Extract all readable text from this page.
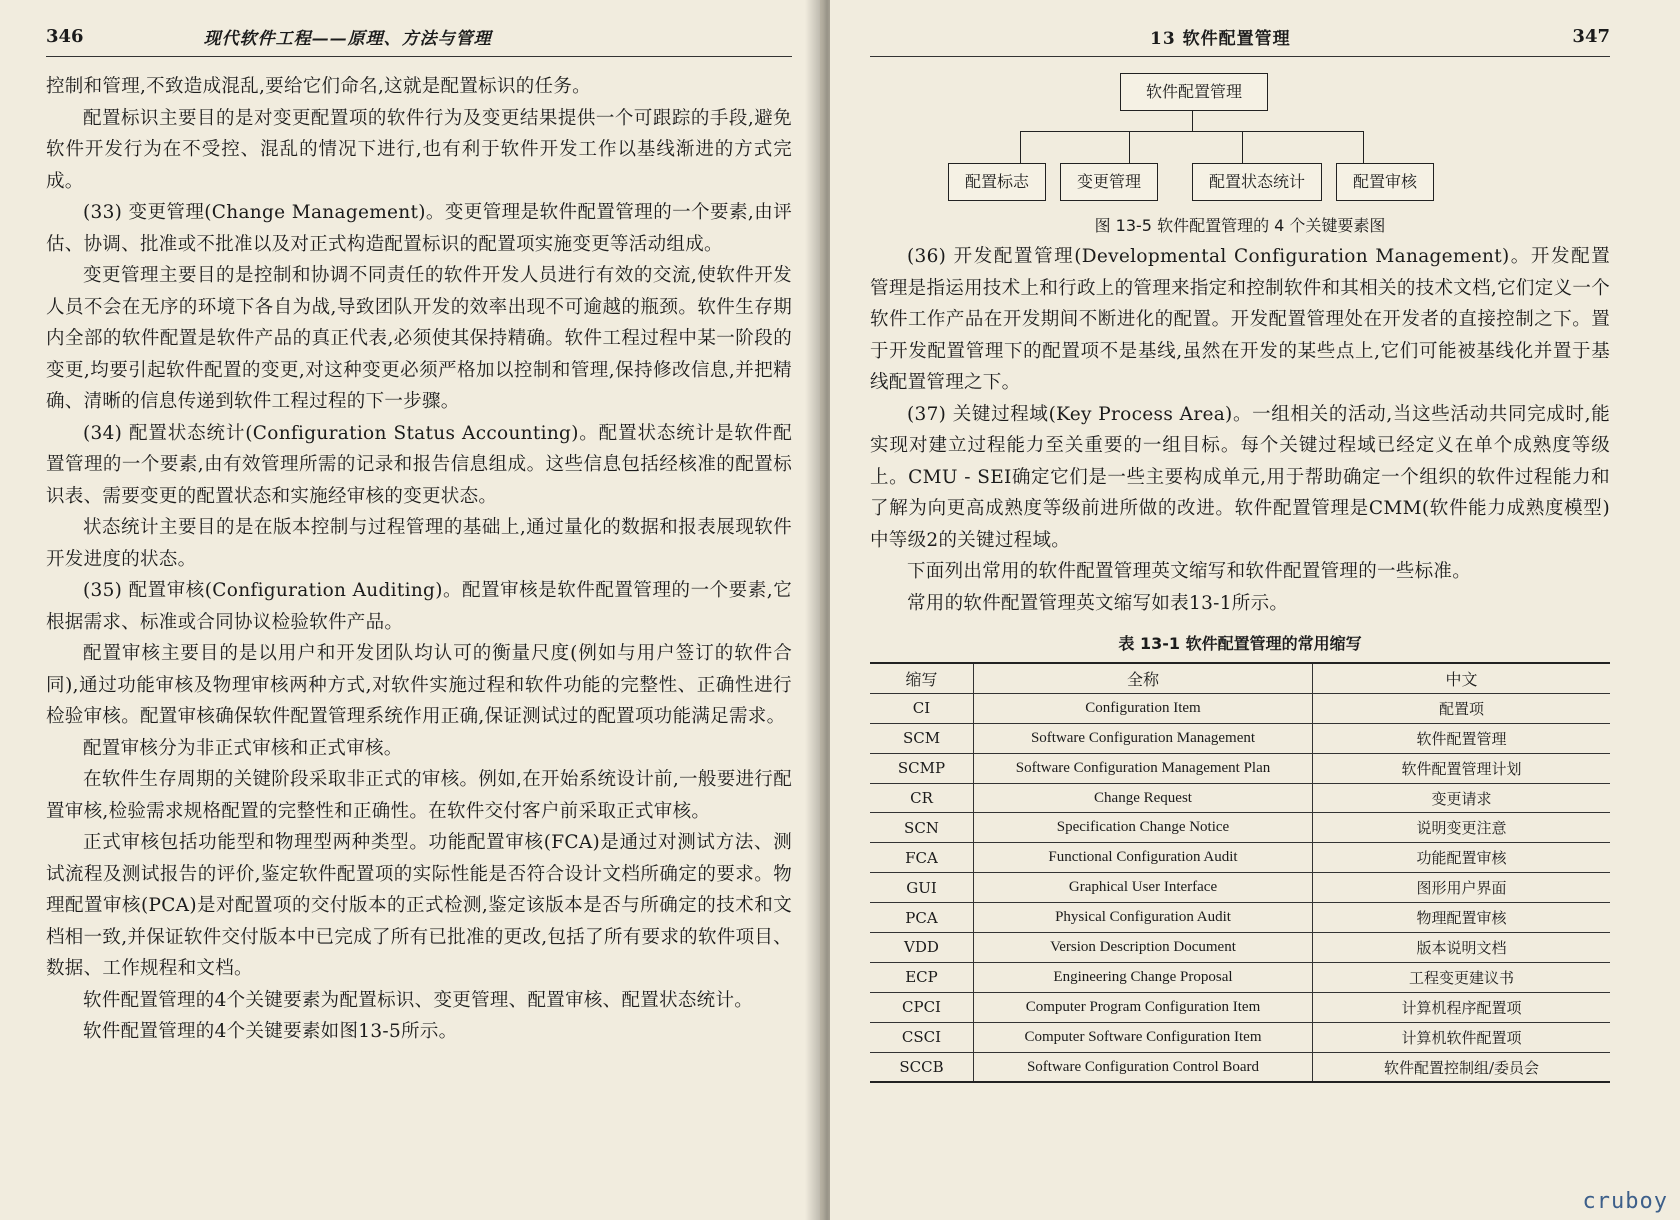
346	现代软件工程——原理、方法与管理

控制和管理,不致造成混乱,要给它们命名,这就是配置标识的任务。

配置标识主要目的是对变更配置项的软件行为及变更结果提供一个可跟踪的手段,避免软件开发行为在不受控、混乱的情况下进行,也有利于软件开发工作以基线渐进的方式完成。

(33) 变更管理(Change Management)。变更管理是软件配置管理的一个要素,由评估、协调、批准或不批准以及对正式构造配置标识的配置项实施变更等活动组成。

变更管理主要目的是控制和协调不同责任的软件开发人员进行有效的交流,使软件开发人员不会在无序的环境下各自为战,导致团队开发的效率出现不可逾越的瓶颈。软件生存期内全部的软件配置是软件产品的真正代表,必须使其保持精确。软件工程过程中某一阶段的变更,均要引起软件配置的变更,对这种变更必须严格加以控制和管理,保持修改信息,并把精确、清晰的信息传递到软件工程过程的下一步骤。

(34) 配置状态统计(Configuration Status Accounting)。配置状态统计是软件配置管理的一个要素,由有效管理所需的记录和报告信息组成。这些信息包括经核准的配置标识表、需要变更的配置状态和实施经审核的变更状态。

状态统计主要目的是在版本控制与过程管理的基础上,通过量化的数据和报表展现软件开发进度的状态。

(35) 配置审核(Configuration Auditing)。配置审核是软件配置管理的一个要素,它根据需求、标准或合同协议检验软件产品。

配置审核主要目的是以用户和开发团队均认可的衡量尺度(例如与用户签订的软件合同),通过功能审核及物理审核两种方式,对软件实施过程和软件功能的完整性、正确性进行检验审核。配置审核确保软件配置管理系统作用正确,保证测试过的配置项功能满足需求。

配置审核分为非正式审核和正式审核。

在软件生存周期的关键阶段采取非正式的审核。例如,在开始系统设计前,一般要进行配置审核,检验需求规格配置的完整性和正确性。在软件交付客户前采取正式审核。

正式审核包括功能型和物理型两种类型。功能配置审核(FCA)是通过对测试方法、测试流程及测试报告的评价,鉴定软件配置项的实际性能是否符合设计文档所确定的要求。物理配置审核(PCA)是对配置项的交付版本的正式检测,鉴定该版本是否与所确定的技术和文档相一致,并保证软件交付版本中已完成了所有已批准的更改,包括了所有要求的软件项目、数据、工作规程和文档。

软件配置管理的4个关键要素为配置标识、变更管理、配置审核、配置状态统计。

软件配置管理的4个关键要素如图13-5所示。

13 软件配置管理	347
软件配置管理
配置标志	变更管理	配置状态统计	配置审核
图 13-5 软件配置管理的 4 个关键要素图

(36) 开发配置管理(Developmental Configuration Management)。开发配置管理是指运用技术上和行政上的管理来指定和控制软件和其相关的技术文档,它们定义一个软件工作产品在开发期间不断进化的配置。开发配置管理处在开发者的直接控制之下。置于开发配置管理下的配置项不是基线,虽然在开发的某些点上,它们可能被基线化并置于基线配置管理之下。

(37) 关键过程域(Key Process Area)。一组相关的活动,当这些活动共同完成时,能实现对建立过程能力至关重要的一组目标。每个关键过程域已经定义在单个成熟度等级上。CMU - SEI确定它们是一些主要构成单元,用于帮助确定一个组织的软件过程能力和了解为向更高成熟度等级前进所做的改进。软件配置管理是CMM(软件能力成熟度模型)中等级2的关键过程域。

下面列出常用的软件配置管理英文缩写和软件配置管理的一些标准。

常用的软件配置管理英文缩写如表13-1所示。

表 13-1 软件配置管理的常用缩写
缩写	全称	中文
CI	Configuration Item	配置项
SCM	Software Configuration Management	软件配置管理
SCMP	Software Configuration Management Plan	软件配置管理计划
CR	Change Request	变更请求
SCN	Specification Change Notice	说明变更注意
FCA	Functional Configuration Audit	功能配置审核
GUI	Graphical User Interface	图形用户界面
PCA	Physical Configuration Audit	物理配置审核
VDD	Version Description Document	版本说明文档
ECP	Engineering Change Proposal	工程变更建议书
CPCI	Computer Program Configuration Item	计算机程序配置项
CSCI	Computer Software Configuration Item	计算机软件配置项
SCCB	Software Configuration Control Board	软件配置控制组/委员会
cruboy
